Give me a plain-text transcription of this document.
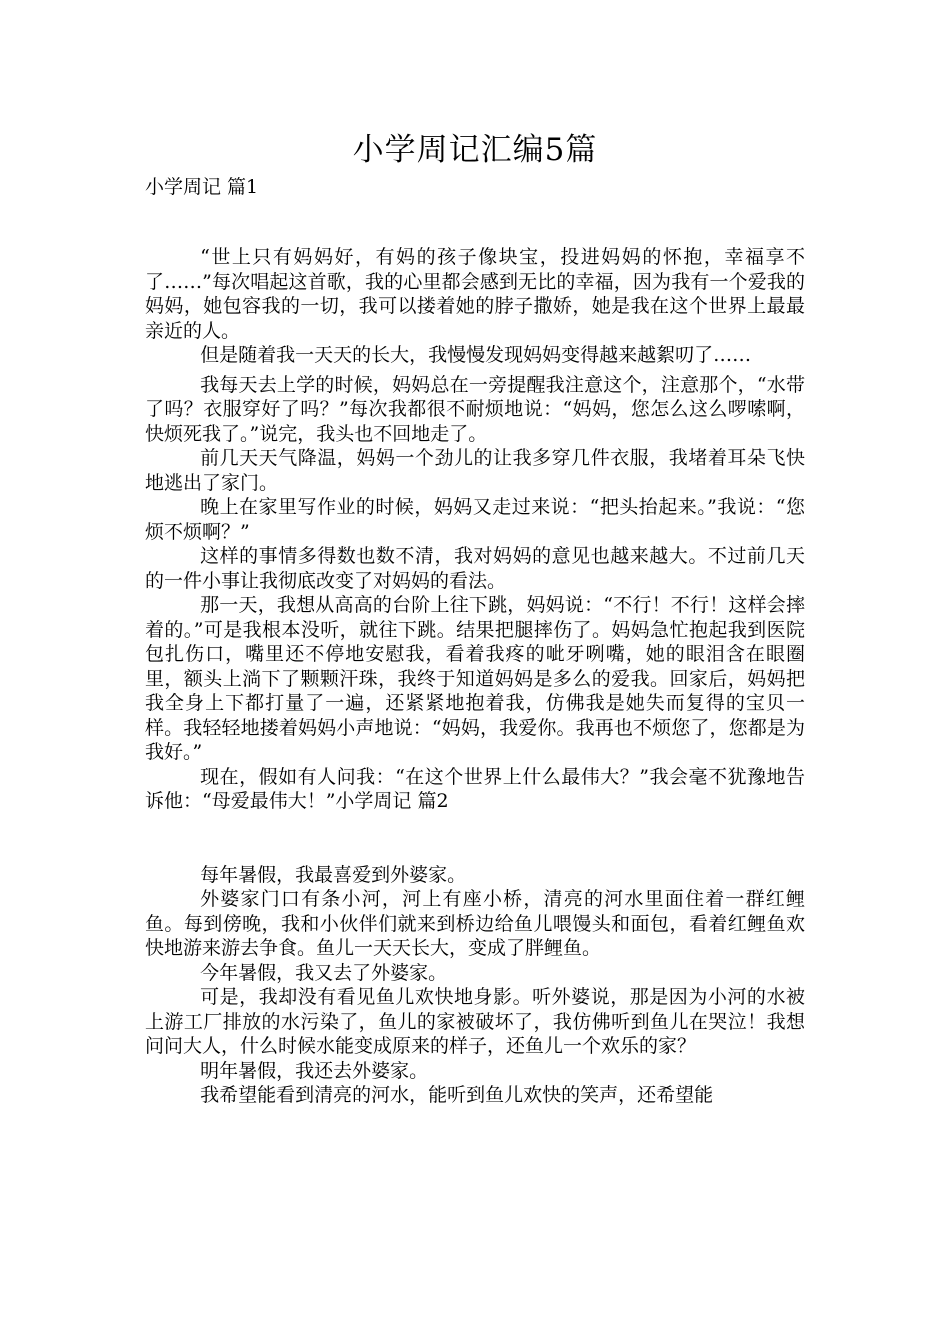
小学周记汇编5篇
小学周记 篇1

“世上只有妈妈好，有妈的孩子像块宝，投进妈妈的怀抱，幸福享不了……”每次唱起这首歌，我的心里都会感到无比的幸福，因为我有一个爱我的妈妈，她包容我的一切，我可以搂着她的脖子撒娇，她是我在这个世界上最最亲近的人。

但是随着我一天天的长大，我慢慢发现妈妈变得越来越絮叨了……

我每天去上学的时候，妈妈总在一旁提醒我注意这个，注意那个，“水带了吗？衣服穿好了吗？”每次我都很不耐烦地说：“妈妈，您怎么这么啰嗦啊，快烦死我了。”说完，我头也不回地走了。

前几天天气降温，妈妈一个劲儿的让我多穿几件衣服，我堵着耳朵飞快地逃出了家门。

晚上在家里写作业的时候，妈妈又走过来说：“把头抬起来。”我说：“您烦不烦啊？”

这样的事情多得数也数不清，我对妈妈的意见也越来越大。不过前几天的一件小事让我彻底改变了对妈妈的看法。

那一天，我想从高高的台阶上往下跳，妈妈说：“不行！不行！这样会摔着的。”可是我根本没听，就往下跳。结果把腿摔伤了。妈妈急忙抱起我到医院包扎伤口，嘴里还不停地安慰我，看着我疼的呲牙咧嘴，她的眼泪含在眼圈里，额头上淌下了颗颗汗珠，我终于知道妈妈是多么的爱我。回家后，妈妈把我全身上下都打量了一遍，还紧紧地抱着我，仿佛我是她失而复得的宝贝一样。我轻轻地搂着妈妈小声地说：“妈妈，我爱你。我再也不烦您了，您都是为我好。”

现在，假如有人问我：“在这个世界上什么最伟大？”我会毫不犹豫地告诉他：“母爱最伟大！”小学周记 篇2

每年暑假，我最喜爱到外婆家。

外婆家门口有条小河，河上有座小桥，清亮的河水里面住着一群红鲤鱼。每到傍晚，我和小伙伴们就来到桥边给鱼儿喂馒头和面包，看着红鲤鱼欢快地游来游去争食。鱼儿一天天长大，变成了胖鲤鱼。

今年暑假，我又去了外婆家。

可是，我却没有看见鱼儿欢快地身影。听外婆说，那是因为小河的水被上游工厂排放的水污染了，鱼儿的家被破坏了，我仿佛听到鱼儿在哭泣！我想问问大人，什么时候水能变成原来的样子，还鱼儿一个欢乐的家？

明年暑假，我还去外婆家。

我希望能看到清亮的河水，能听到鱼儿欢快的笑声，还希望能
